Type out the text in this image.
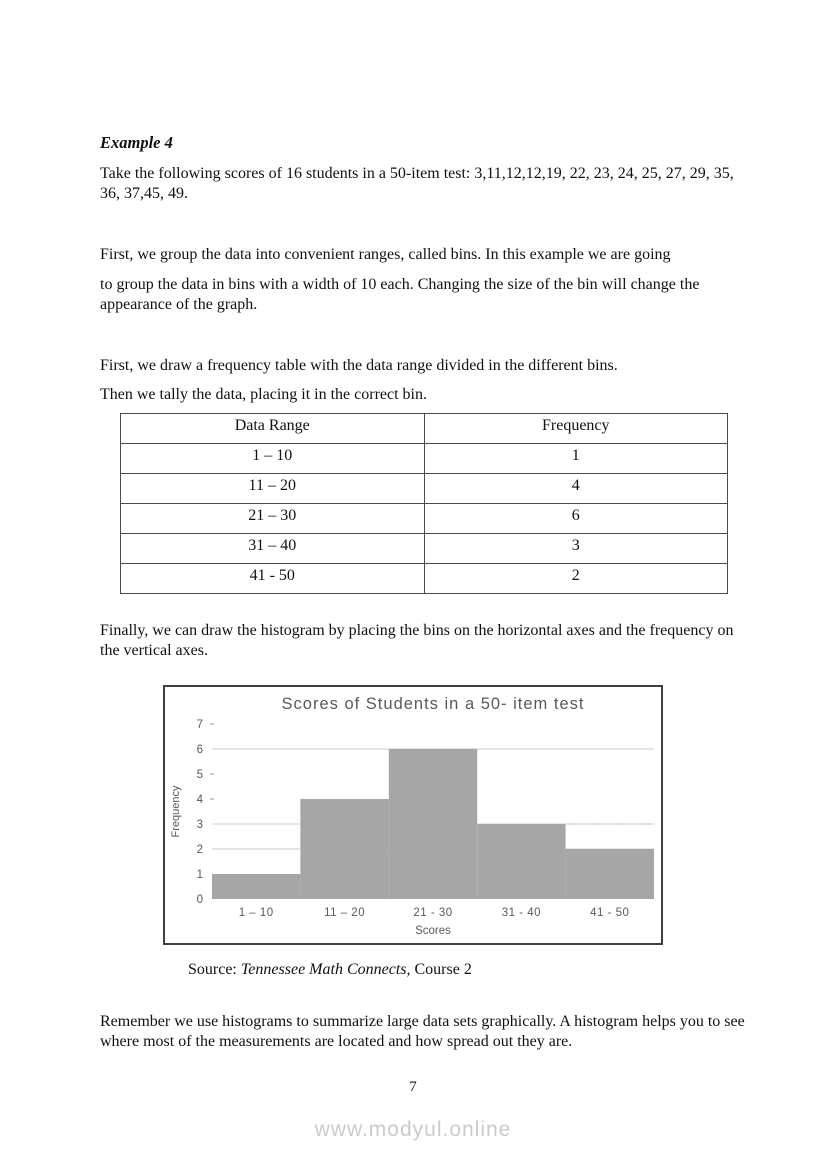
Example 4
Take the following scores of 16 students in a 50-item test: 3,11,12,12,19, 22, 23, 24, 25, 27, 29, 35, 36, 37,45, 49.
First, we group the data into convenient ranges, called bins. In this example we are going
to group the data in bins with a width of 10 each. Changing the size of the bin will change the appearance of the graph.
First, we draw a frequency table with the data range divided in the different bins.
Then we tally the data, placing it in the correct bin.
Data Range	Frequency
1 – 10	1
11 – 20	4
21 – 30	6
31 – 40	3
41 - 50	2
Finally, we can draw the histogram by placing the bins on the horizontal axes and the frequency on the vertical axes.
0
1
2
3
4
5
6
7
1 – 10	11 – 20	21 - 30	31 - 40	41 - 50
Scores
Frequency
Scores of Students in a 50- item test
Source: Tennessee Math Connects, Course 2
Remember we use histograms to summarize large data sets graphically. A histogram helps you to see where most of the measurements are located and how spread out they are.
7
www.modyul.online
